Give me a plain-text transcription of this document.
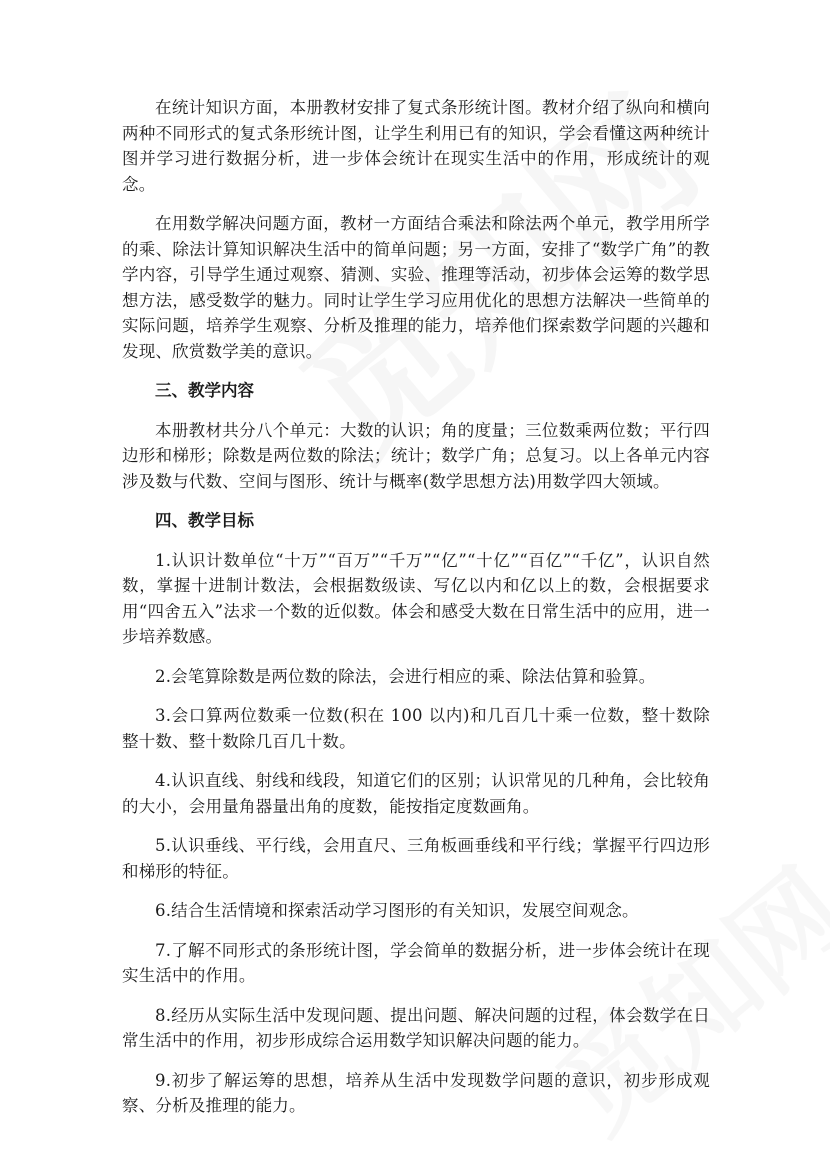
在统计知识方面，本册教材安排了复式条形统计图。教材介绍了纵向和横向两种不同形式的复式条形统计图，让学生利用已有的知识，学会看懂这两种统计图并学习进行数据分析，进一步体会统计在现实生活中的作用，形成统计的观念。

在用数学解决问题方面，教材一方面结合乘法和除法两个单元，教学用所学的乘、除法计算知识解决生活中的简单问题；另一方面，安排了“数学广角”的教学内容，引导学生通过观察、猜测、实验、推理等活动，初步体会运筹的数学思想方法，感受数学的魅力。同时让学生学习应用优化的思想方法解决一些简单的实际问题，培养学生观察、分析及推理的能力，培养他们探索数学问题的兴趣和发现、欣赏数学美的意识。

三、教学内容

本册教材共分八个单元：大数的认识；角的度量；三位数乘两位数；平行四边形和梯形；除数是两位数的除法；统计；数学广角；总复习。以上各单元内容涉及数与代数、空间与图形、统计与概率(数学思想方法)用数学四大领域。

四、教学目标

1.认识计数单位“十万”“百万”“千万”“亿”“十亿”“百亿”“千亿”，认识自然数，掌握十进制计数法，会根据数级读、写亿以内和亿以上的数，会根据要求用“四舍五入”法求一个数的近似数。体会和感受大数在日常生活中的应用，进一步培养数感。

2.会笔算除数是两位数的除法，会进行相应的乘、除法估算和验算。

3.会口算两位数乘一位数(积在 100 以内)和几百几十乘一位数，整十数除整十数、整十数除几百几十数。

4.认识直线、射线和线段，知道它们的区别；认识常见的几种角，会比较角的大小，会用量角器量出角的度数，能按指定度数画角。

5.认识垂线、平行线，会用直尺、三角板画垂线和平行线；掌握平行四边形和梯形的特征。

6.结合生活情境和探索活动学习图形的有关知识，发展空间观念。

7.了解不同形式的条形统计图，学会简单的数据分析，进一步体会统计在现实生活中的作用。

8.经历从实际生活中发现问题、提出问题、解决问题的过程，体会数学在日常生活中的作用，初步形成综合运用数学知识解决问题的能力。

9.初步了解运筹的思想，培养从生活中发现数学问题的意识，初步形成观察、分析及推理的能力。
